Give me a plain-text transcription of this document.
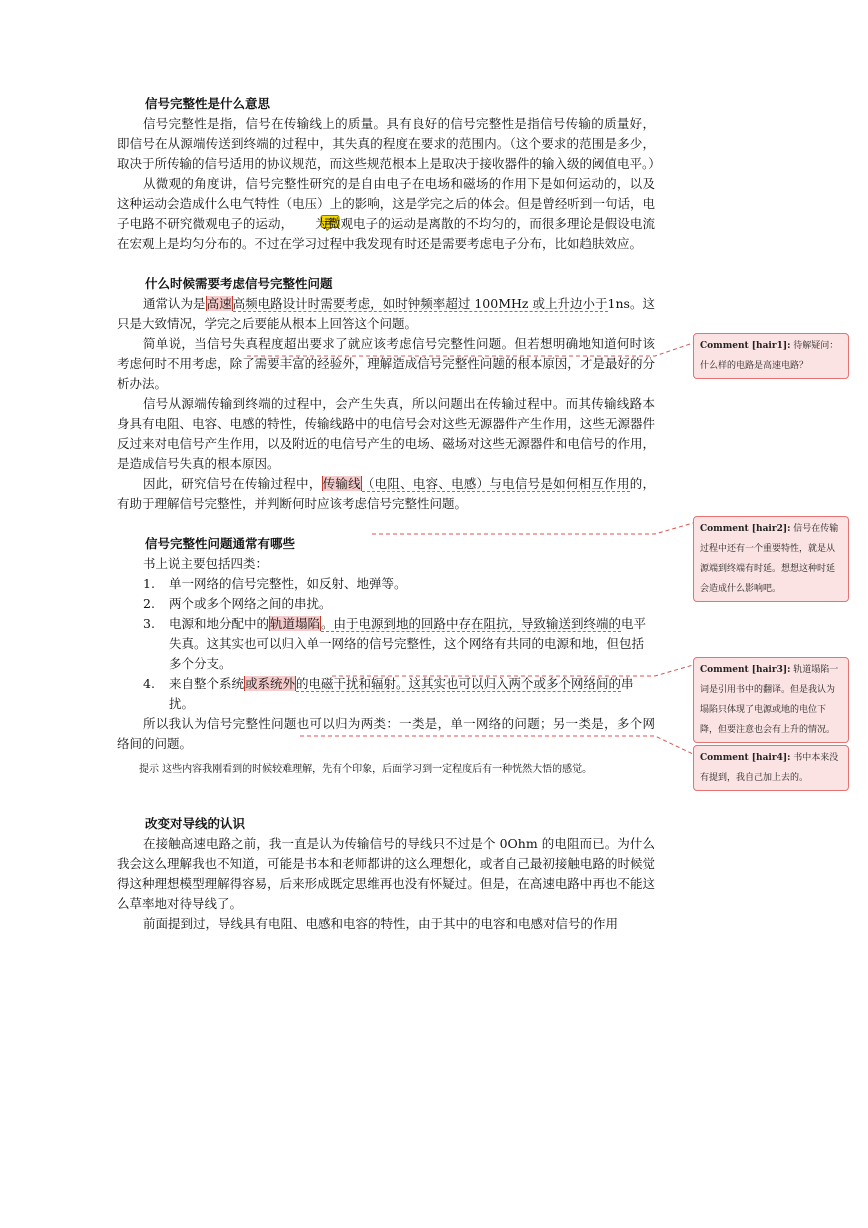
信号完整性是什么意思

信号完整性是指，信号在传输线上的质量。具有良好的信号完整性是指信号传输的质量好，即信号在从源端传送到终端的过程中，其失真的程度在要求的范围内。（这个要求的范围是多少，取决于所传输的信号适用的协议规范，而这些规范根本上是取决于接收器件的输入级的阈值电平。）

从微观的角度讲，信号完整性研究的是自由电子在电场和磁场的作用下是如何运动的，以及这种运动会造成什么电气特性（电压）上的影响，这是学完之后的体会。但是曾经听到一句话，电子电路不研究微观电子的运动， 为微观电子的运动是离散的不均匀的，而很多理论是假设电流在宏观上是均匀分布的。不过在学习过程中我发现有时还是需要考虑电子分布，比如趋肤效应。

什么时候需要考虑信号完整性问题

通常认为是高速高频电路设计时需要考虑，如时钟频率超过 100MHz 或上升边小于1ns。这只是大致情况，学完之后要能从根本上回答这个问题。

简单说，当信号失真程度超出要求了就应该考虑信号完整性问题。但若想明确地知道何时该考虑何时不用考虑，除了需要丰富的经验外，理解造成信号完整性问题的根本原因，才是最好的分析办法。

信号从源端传输到终端的过程中，会产生失真，所以问题出在传输过程中。而其传输线路本身具有电阻、电容、电感的特性，传输线路中的电信号会对这些无源器件产生作用，这些无源器件反过来对电信号产生作用，以及附近的电信号产生的电场、磁场对这些无源器件和电信号的作用，是造成信号失真的根本原因。

因此，研究信号在传输过程中，传输线（电阻、电容、电感）与电信号是如何相互作用的，有助于理解信号完整性，并判断何时应该考虑信号完整性问题。

信号完整性问题通常有哪些

书上说主要包括四类：

1. 单一网络的信号完整性，如反射、地弹等。
2. 两个或多个网络之间的串扰。
3. 电源和地分配中的轨道塌陷。由于电源到地的回路中存在阻抗，导致输送到终端的电平失真。这其实也可以归入单一网络的信号完整性，这个网络有共同的电源和地，但包括多个分支。
4. 来自整个系统或系统外的电磁干扰和辐射。这其实也可以归入两个或多个网络间的串扰。

所以我认为信号完整性问题也可以归为两类：一类是，单一网络的问题；另一类是，多个网络间的问题。

提示 这些内容我刚看到的时候较难理解，先有个印象，后面学习到一定程度后有一种恍然大悟的感觉。

改变对导线的认识

在接触高速电路之前，我一直是认为传输信号的导线只不过是个 0Ohm 的电阻而已。为什么我会这么理解我也不知道，可能是书本和老师都讲的这么理想化，或者自己最初接触电路的时候觉得这种理想模型理解得容易，后来形成既定思维再也没有怀疑过。但是，在高速电路中再也不能这么草率地对待导线了。

前面提到过，导线具有电阻、电感和电容的特性，由于其中的电容和电感对信号的作用

Comment [hair1]: 待解疑问：什么样的电路是高速电路？
Comment [hair2]: 信号在传输过程中还有一个重要特性，就是从源端到终端有时延。想想这种时延会造成什么影响吧。
Comment [hair3]: 轨道塌陷一词是引用书中的翻译。但是我认为塌陷只体现了电源或地的电位下降，但要注意也会有上升的情况。
Comment [hair4]: 书中本来没有提到，我自己加上去的。
